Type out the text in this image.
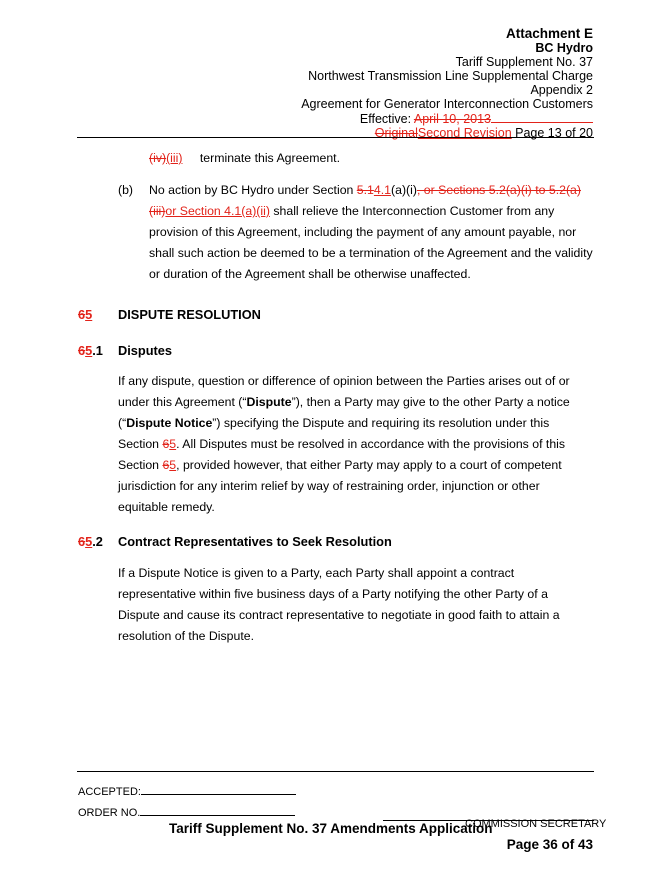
Attachment E
BC Hydro
Tariff Supplement No. 37
Northwest Transmission Line Supplemental Charge
Appendix 2
Agreement for Generator Interconnection Customers
Effective: April 10, 2013
OriginalSecond Revision Page 13 of 20
(iv)(iii) terminate this Agreement.
(b) No action by BC Hydro under Section 5.14.1(a)(i), or Sections 5.2(a)(i) to 5.2(a)(iii)or Section 4.1(a)(ii) shall relieve the Interconnection Customer from any provision of this Agreement, including the payment of any amount payable, nor shall such action be deemed to be a termination of the Agreement and the validity or duration of the Agreement shall be otherwise unaffected.
65 DISPUTE RESOLUTION
65.1 Disputes
If any dispute, question or difference of opinion between the Parties arises out of or under this Agreement (“Dispute”), then a Party may give to the other Party a notice (“Dispute Notice”) specifying the Dispute and requiring its resolution under this Section 65. All Disputes must be resolved in accordance with the provisions of this Section 65, provided however, that either Party may apply to a court of competent jurisdiction for any interim relief by way of restraining order, injunction or other equitable remedy.
65.2 Contract Representatives to Seek Resolution
If a Dispute Notice is given to a Party, each Party shall appoint a contract representative within five business days of a Party notifying the other Party of a Dispute and cause its contract representative to negotiate in good faith to attain a resolution of the Dispute.
ACCEPTED:
ORDER NO.
COMMISSION SECRETARY
Tariff Supplement No. 37 Amendments Application
Page 36 of 43
